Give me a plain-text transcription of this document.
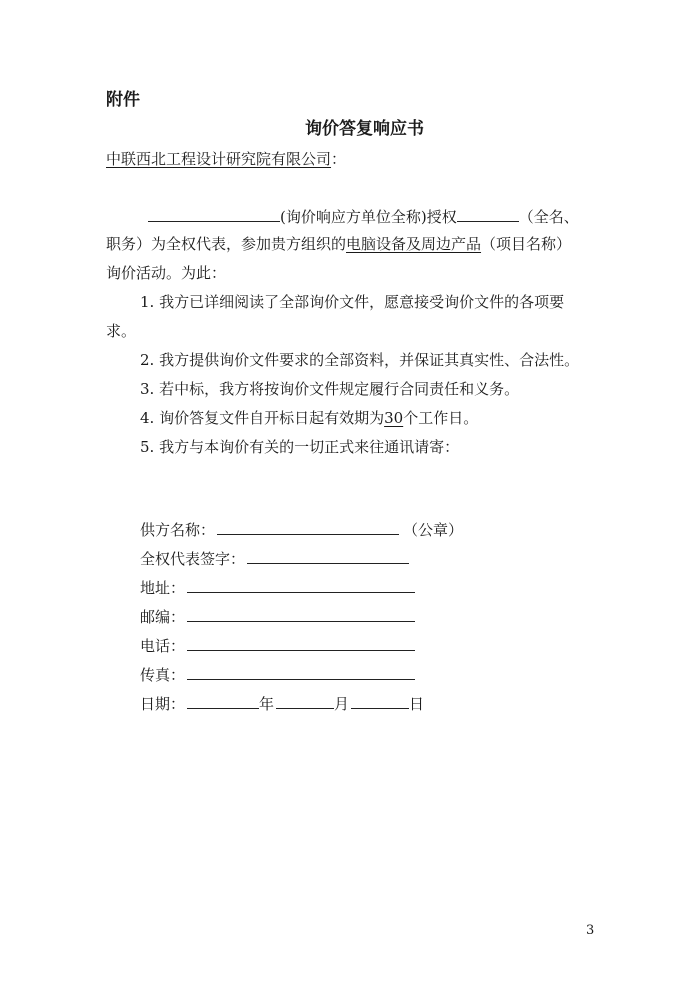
附件
询价答复响应书
中联西北工程设计研究院有限公司：
(询价响应方单位全称)授权	（全名、
职务）为全权代表，参加贵方组织的电脑设备及周边产品（项目名称）
询价活动。为此：
1. 我方已详细阅读了全部询价文件，愿意接受询价文件的各项要
求。
2. 我方提供询价文件要求的全部资料，并保证其真实性、合法性。
3. 若中标，我方将按询价文件规定履行合同责任和义务。
4. 询价答复文件自开标日起有效期为30个工作日。
5. 我方与本询价有关的一切正式来往通讯请寄：
供方名称：	（公章）
全权代表签字：
地址：
邮编：
电话：
传真：
日期：	年	月	日
3
